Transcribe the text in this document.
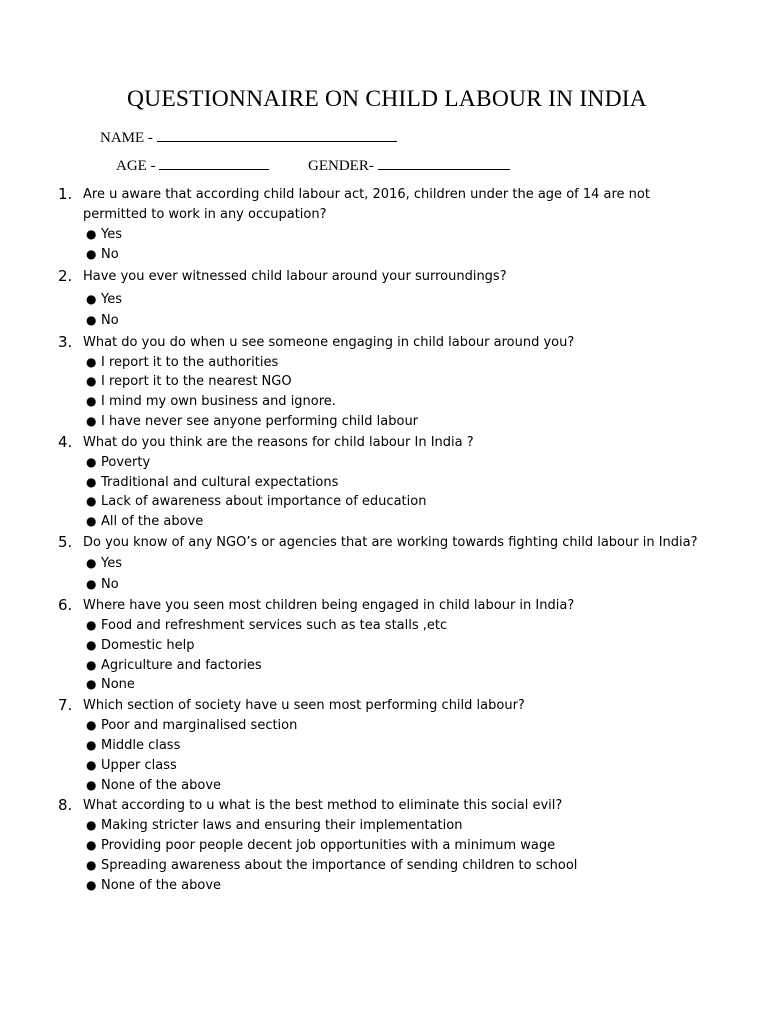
QUESTIONNAIRE ON CHILD LABOUR IN INDIA
NAME -
AGE -	GENDER-
1. Are u aware that according child labour act, 2016, children under the age of 14 are not permitted to work in any occupation?
● Yes
● No
2. Have you ever witnessed child labour around your surroundings?
● Yes
● No
3. What do you do when u see someone engaging in child labour around you?
● I report it to the authorities
● I report it to the nearest NGO
● I mind my own business and ignore.
● I have never see anyone performing child labour
4. What do you think are the reasons for child labour In India ?
● Poverty
● Traditional and cultural expectations
● Lack of awareness about importance of education
● All of the above
5. Do you know of any NGO’s or agencies that are working towards fighting child labour in India?
● Yes
● No
6. Where have you seen most children being engaged in child labour in India?
● Food and refreshment services such as tea stalls ,etc
● Domestic help
● Agriculture and factories
● None
7. Which section of society have u seen most performing child labour?
● Poor and marginalised section
● Middle class
● Upper class
● None of the above
8. What according to u what is the best method to eliminate this social evil?
● Making stricter laws and ensuring their implementation
● Providing poor people decent job opportunities with a minimum wage
● Spreading awareness about the importance of sending children to school
● None of the above
